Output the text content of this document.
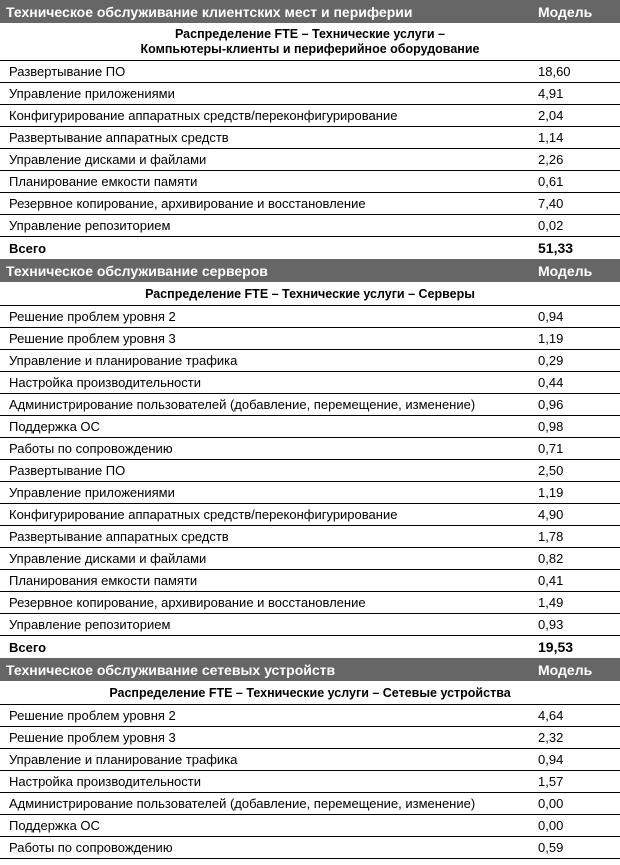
Техническое обслуживание клиентских мест и периферии	Модель
Распределение FTE – Технические услуги –
Компьютеры-клиенты и периферийное оборудование
Развертывание ПО	18,60
Управление приложениями	4,91
Конфигурирование аппаратных средств/переконфигурирование	2,04
Развертывание аппаратных средств	1,14
Управление дисками и файлами	2,26
Планирование емкости памяти	0,61
Резервное копирование, архивирование и восстановление	7,40
Управление репозиторием	0,02
Всего	51,33
Техническое обслуживание серверов	Модель
Распределение FTE – Технические услуги – Серверы
Решение проблем уровня 2	0,94
Решение проблем уровня 3	1,19
Управление и планирование трафика	0,29
Настройка производительности	0,44
Администрирование пользователей (добавление, перемещение, изменение)	0,96
Поддержка ОС	0,98
Работы по сопровождению	0,71
Развертывание ПО	2,50
Управление приложениями	1,19
Конфигурирование аппаратных средств/переконфигурирование	4,90
Развертывание аппаратных средств	1,78
Управление дисками и файлами	0,82
Планирования емкости памяти	0,41
Резервное копирование, архивирование и восстановление	1,49
Управление репозиторием	0,93
Всего	19,53
Техническое обслуживание сетевых устройств	Модель
Распределение FTE – Технические услуги – Сетевые устройства
Решение проблем уровня 2	4,64
Решение проблем уровня 3	2,32
Управление и планирование трафика	0,94
Настройка производительности	1,57
Администрирование пользователей (добавление, перемещение, изменение)	0,00
Поддержка ОС	0,00
Работы по сопровождению	0,59
